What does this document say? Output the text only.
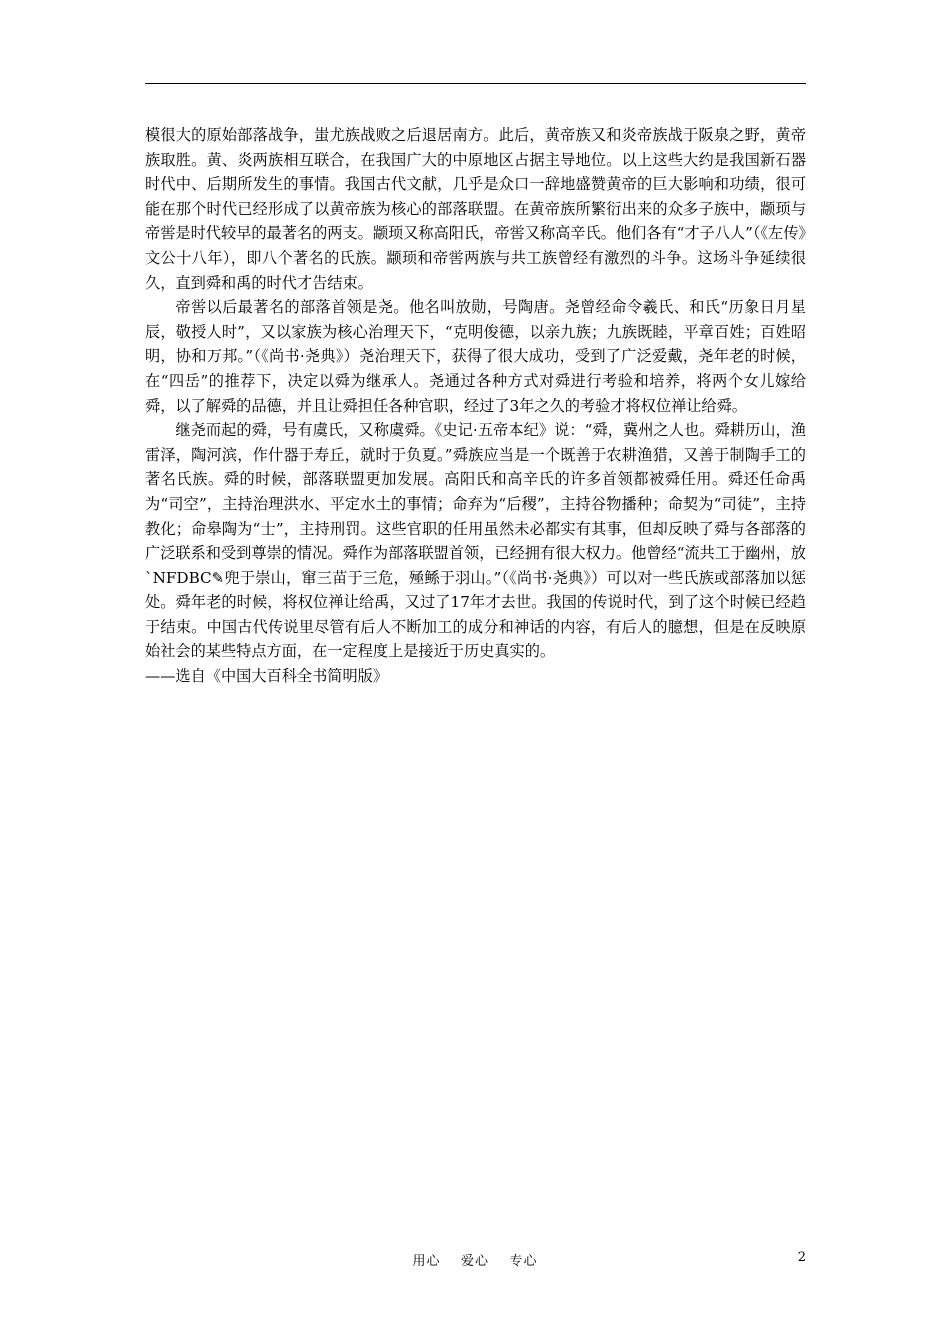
模很大的原始部落战争，蚩尤族战败之后退居南方。此后，黄帝族又和炎帝族战于阪泉之野，黄帝族取胜。黄、炎两族相互联合，在我国广大的中原地区占据主导地位。以上这些大约是我国新石器时代中、后期所发生的事情。我国古代文献，几乎是众口一辞地盛赞黄帝的巨大影响和功绩，很可能在那个时代已经形成了以黄帝族为核心的部落联盟。在黄帝族所繁衍出来的众多子族中，颛顼与帝喾是时代较早的最著名的两支。颛顼又称高阳氏，帝喾又称高辛氏。他们各有“才子八人”（《左传》文公十八年），即八个著名的氏族。颛顼和帝喾两族与共工族曾经有激烈的斗争。这场斗争延续很久，直到舜和禹的时代才告结束。

帝喾以后最著名的部落首领是尧。他名叫放勋，号陶唐。尧曾经命令羲氏、和氏“历象日月星辰，敬授人时”，又以家族为核心治理天下，“克明俊德，以亲九族；九族既睦，平章百姓；百姓昭明，协和万邦。”（《尚书·尧典》）尧治理天下，获得了很大成功，受到了广泛爱戴，尧年老的时候，在“四岳”的推荐下，决定以舜为继承人。尧通过各种方式对舜进行考验和培养，将两个女儿嫁给舜，以了解舜的品德，并且让舜担任各种官职，经过了3年之久的考验才将权位禅让给舜。

继尧而起的舜，号有虞氏，又称虞舜。《史记·五帝本纪》说：“舜，冀州之人也。舜耕历山，渔雷泽，陶河滨，作什器于寿丘，就时于负夏。”舜族应当是一个既善于农耕渔猎，又善于制陶手工的著名氏族。舜的时候，部落联盟更加发展。高阳氏和高辛氏的许多首领都被舜任用。舜还任命禹为“司空”，主持治理洪水、平定水土的事情；命弃为“后稷”，主持谷物播种；命契为“司徒”，主持教化；命皋陶为“士”，主持刑罚。这些官职的任用虽然未必都实有其事，但却反映了舜与各部落的广泛联系和受到尊崇的情况。舜作为部落联盟首领，已经拥有很大权力。他曾经“流共工于幽州，放 `NFDBC✎兜于崇山，窜三苗于三危，殛鲧于羽山。”（《尚书·尧典》）可以对一些氏族或部落加以惩处。舜年老的时候，将权位禅让给禹，又过了17年才去世。我国的传说时代，到了这个时候已经趋于结束。中国古代传说里尽管有后人不断加工的成分和神话的内容，有后人的臆想，但是在反映原始社会的某些特点方面，在一定程度上是接近于历史真实的。

——选自《中国大百科全书简明版》

用心    爱心    专心	2
